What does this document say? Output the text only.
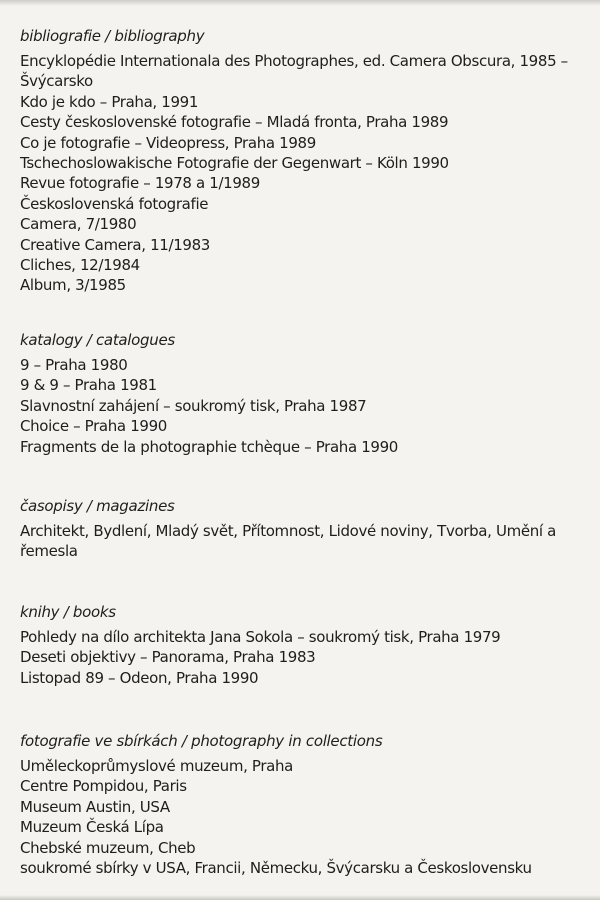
bibliografie / bibliography
Encyklopédie Internationala des Photographes, ed. Camera Obscura, 1985 – Švýcarsko
Kdo je kdo – Praha, 1991
Cesty československé fotografie – Mladá fronta, Praha 1989
Co je fotografie – Videopress, Praha 1989
Tschechoslowakische Fotografie der Gegenwart – Köln 1990
Revue fotografie – 1978 a 1/1989
Československá fotografie
Camera, 7/1980
Creative Camera, 11/1983
Cliches, 12/1984
Album, 3/1985
katalogy / catalogues
9 – Praha 1980
9 & 9 – Praha 1981
Slavnostní zahájení – soukromý tisk, Praha 1987
Choice – Praha 1990
Fragments de la photographie tchèque – Praha 1990
časopisy / magazines
Architekt, Bydlení, Mladý svět, Přítomnost, Lidové noviny, Tvorba, Umění a řemesla
knihy / books
Pohledy na dílo architekta Jana Sokola – soukromý tisk, Praha 1979
Deseti objektivy – Panorama, Praha 1983
Listopad 89 – Odeon, Praha 1990
fotografie ve sbírkách / photography in collections
Uměleckoprůmyslové muzeum, Praha
Centre Pompidou, Paris
Museum Austin, USA
Muzeum Česká Lípa
Chebské muzeum, Cheb
soukromé sbírky v USA, Francii, Německu, Švýcarsku a Československu
